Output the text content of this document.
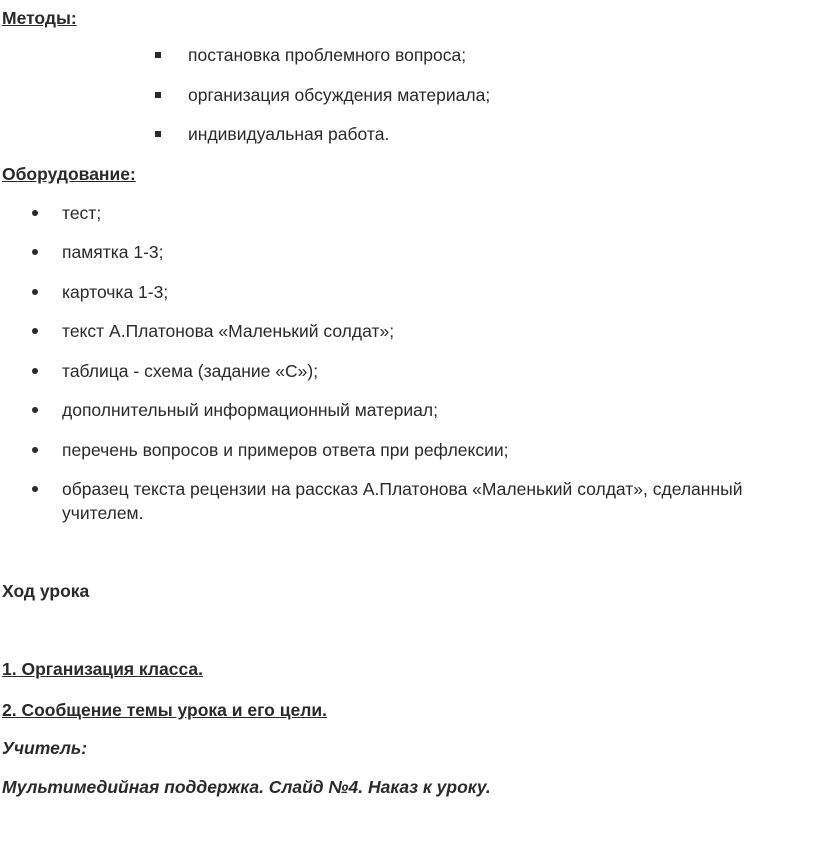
Методы:

постановка проблемного вопроса;

организация обсуждения материала;

индивидуальная работа.

Оборудование:

тест;

памятка 1-3;

карточка 1-3;

текст А.Платонова «Маленький солдат»;

таблица - схема (задание «С»);

дополнительный информационный материал;

перечень вопросов и примеров ответа при рефлексии;

образец текста рецензии на рассказ А.Платонова «Маленький солдат», сделанный учителем.

Ход урока

1. Организация класса.

2. Сообщение темы урока и его цели.

Учитель:

Мультимедийная поддержка. Слайд №4. Наказ к уроку.
